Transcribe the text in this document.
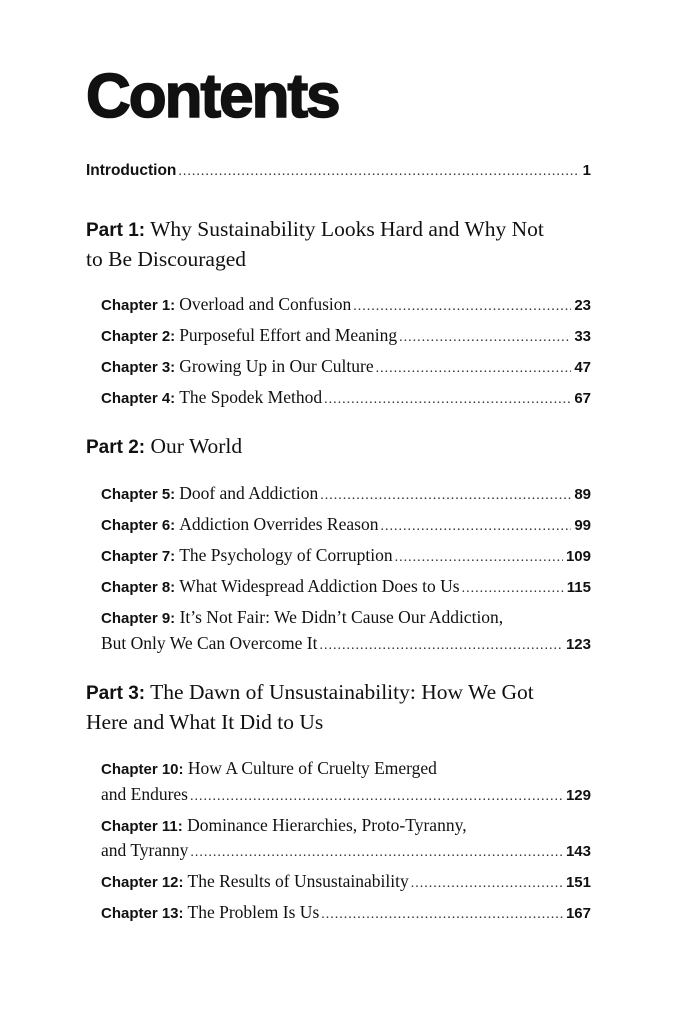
Contents
Introduction .....	1
Part 1: Why Sustainability Looks Hard and Why Not to Be Discouraged
Chapter 1: Overload and Confusion .....	23
Chapter 2: Purposeful Effort and Meaning .....	33
Chapter 3: Growing Up in Our Culture .....	47
Chapter 4: The Spodek Method .....	67
Part 2: Our World
Chapter 5: Doof and Addiction .....	89
Chapter 6: Addiction Overrides Reason .....	99
Chapter 7: The Psychology of Corruption .....	109
Chapter 8: What Widespread Addiction Does to Us .....	115
Chapter 9: It’s Not Fair: We Didn’t Cause Our Addiction,
But Only We Can Overcome It .....	123
Part 3: The Dawn of Unsustainability: How We Got Here and What It Did to Us
Chapter 10: How A Culture of Cruelty Emerged
and Endures .....	129
Chapter 11: Dominance Hierarchies, Proto-Tyranny,
and Tyranny .....	143
Chapter 12: The Results of Unsustainability .....	151
Chapter 13: The Problem Is Us .....	167
